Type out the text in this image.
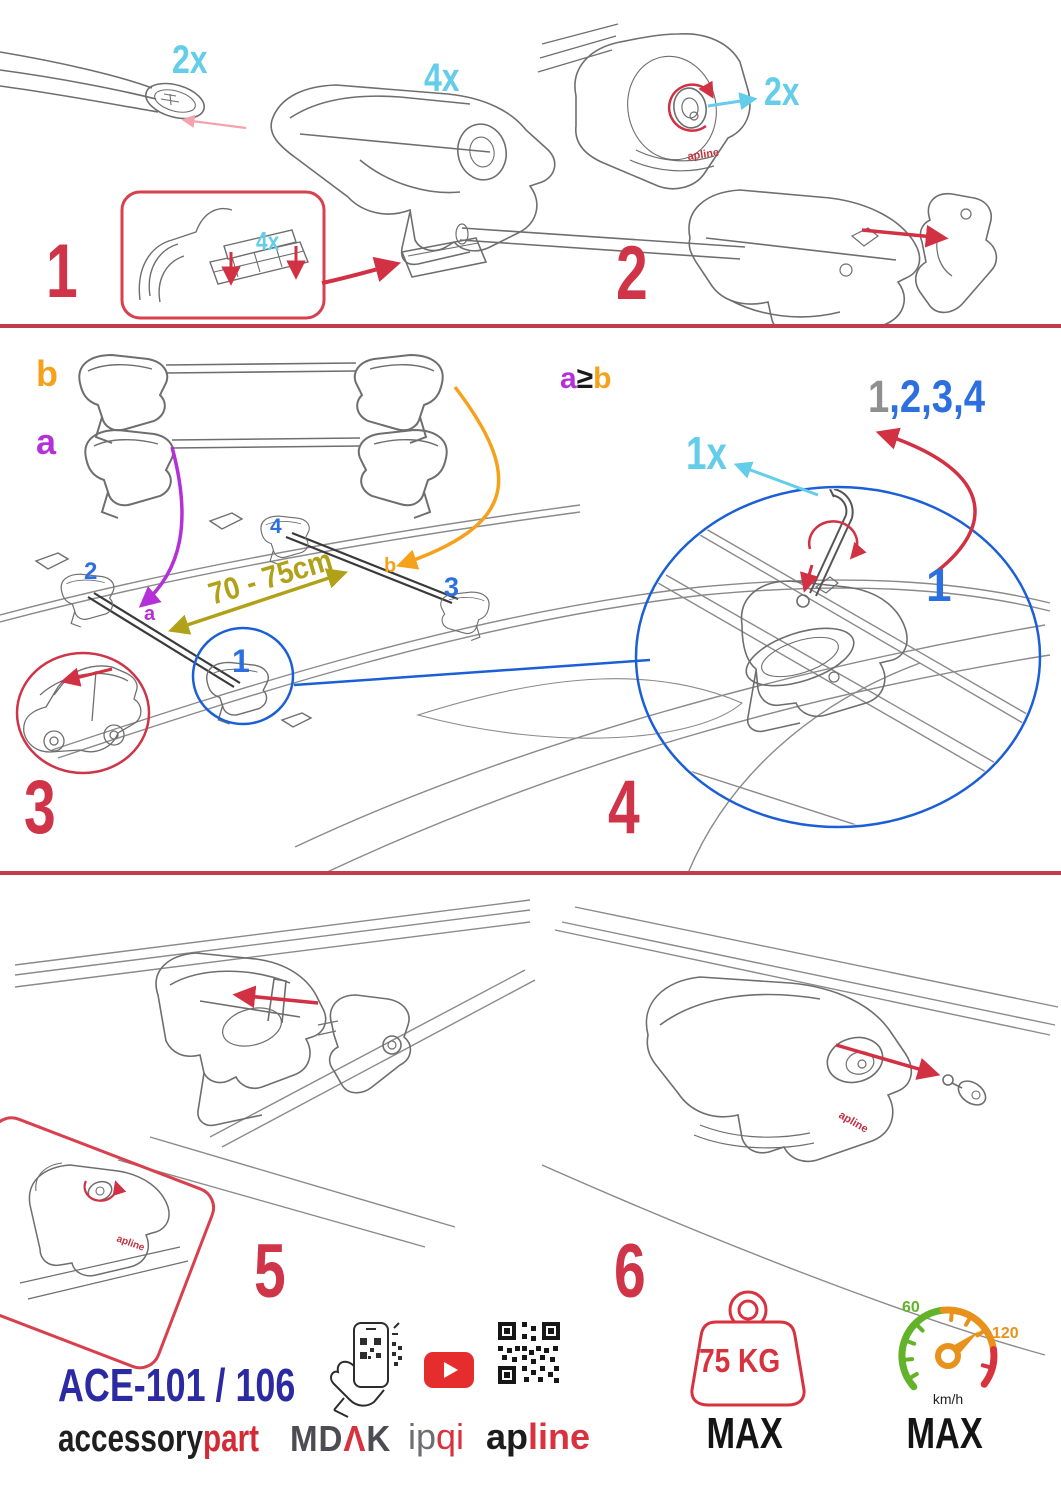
apline
2x	4x
4x
1
2x
2
b
a
4
2	b
3
a
70 - 75cm
1
3
a≥b	1,2,3,4
1x
1
4
apline
apline
5	6
ACE-101 / 106
accessorypart MDΛK ipqi apline
75 KG
MAX
60
120
km/h
MAX
